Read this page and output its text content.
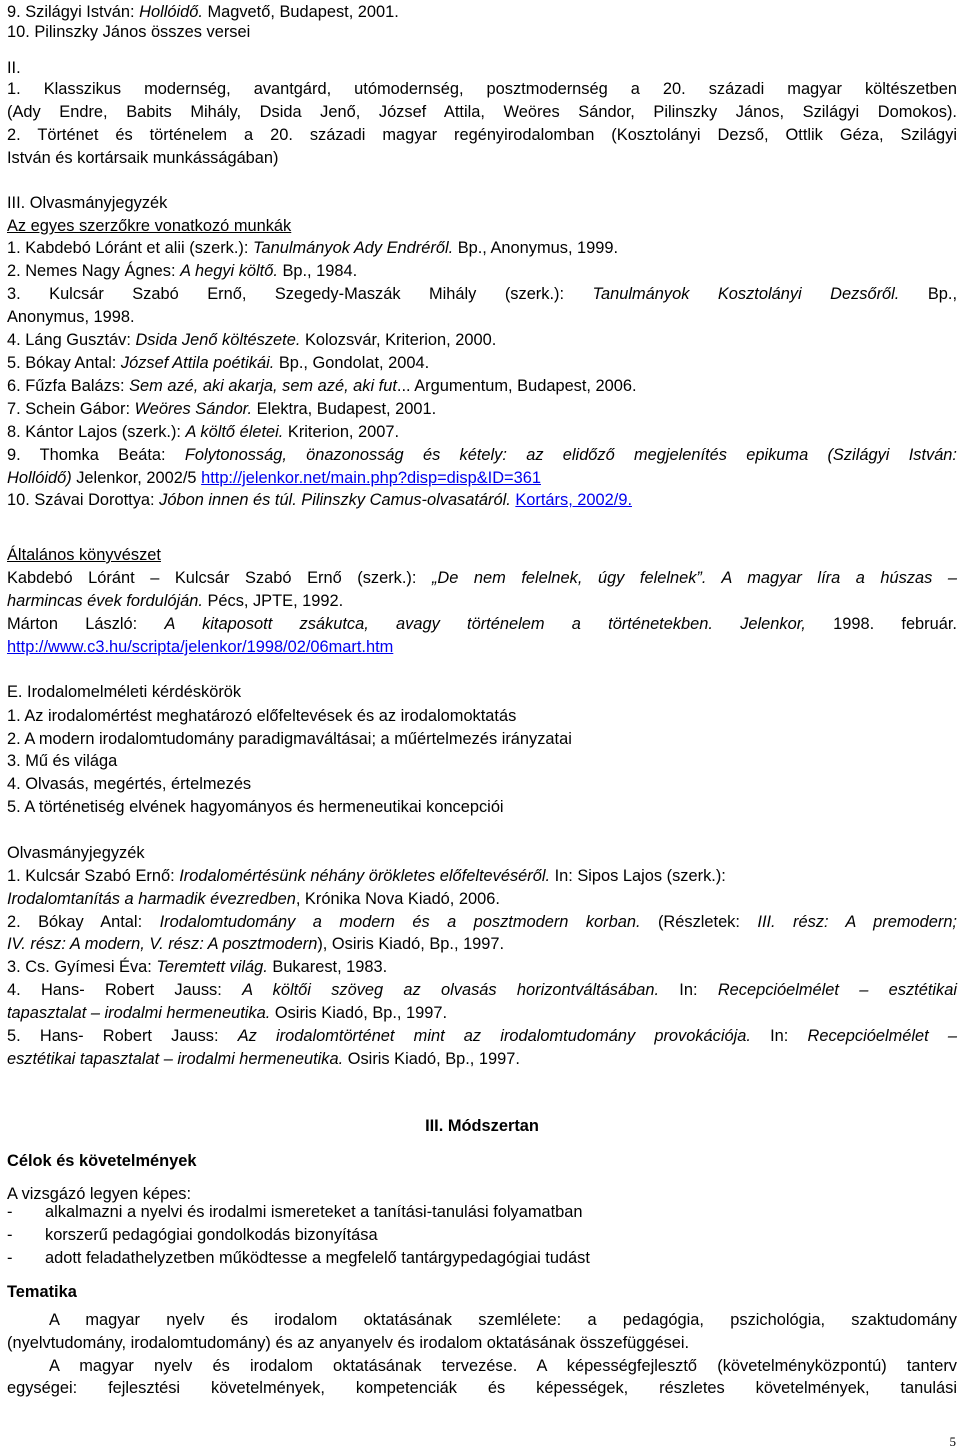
9. Szilágyi István: Hollóidő. Magvető, Budapest, 2001.
10. Pilinszky János összes versei
II.
1. Klasszikus modernség, avantgárd, utómodernség, posztmodernség a 20. századi magyar költészetben
(Ady Endre, Babits Mihály, Dsida Jenő, József Attila, Weöres Sándor, Pilinszky János, Szilágyi Domokos).
2. Történet és történelem a 20. századi magyar regényirodalomban (Kosztolányi Dezső, Ottlik Géza, Szilágyi
István és kortársaik munkásságában)
III. Olvasmányjegyzék
Az egyes szerzőkre vonatkozó munkák
1. Kabdebó Lóránt et alii (szerk.): Tanulmányok Ady Endréről. Bp., Anonymus, 1999.
2. Nemes Nagy Ágnes: A hegyi költő. Bp., 1984.
3. Kulcsár Szabó Ernő, Szegedy-Maszák Mihály (szerk.): Tanulmányok Kosztolányi Dezsőről. Bp.,
Anonymus, 1998.
4. Láng Gusztáv: Dsida Jenő költészete. Kolozsvár, Kriterion, 2000.
5. Bókay Antal: József Attila poétikái. Bp., Gondolat, 2004.
6. Fűzfa Balázs: Sem azé, aki akarja, sem azé, aki fut... Argumentum, Budapest, 2006.
7. Schein Gábor: Weöres Sándor. Elektra, Budapest, 2001.
8. Kántor Lajos (szerk.): A költő életei. Kriterion, 2007.
9. Thomka Beáta: Folytonosság, önazonosság és kétely: az elidőző megjelenítés epikuma (Szilágyi István:
Hollóidő) Jelenkor, 2002/5 http://jelenkor.net/main.php?disp=disp&ID=361
10. Szávai Dorottya: Jóbon innen és túl. Pilinszky Camus-olvasatáról. Kortárs, 2002/9.
Általános könyvészet
Kabdebó Lóránt – Kulcsár Szabó Ernő (szerk.): „De nem felelnek, úgy felelnek”. A magyar líra a húszas –
harmincas évek fordulóján. Pécs, JPTE, 1992.
Márton László: A kitaposott zsákutca, avagy történelem a történetekben. Jelenkor, 1998. február.
http://www.c3.hu/scripta/jelenkor/1998/02/06mart.htm
E. Irodalomelméleti kérdéskörök
1. Az irodalomértést meghatározó előfeltevések és az irodalomoktatás
2. A modern irodalomtudomány paradigmaváltásai; a műértelmezés irányzatai
3. Mű és világa
4. Olvasás, megértés, értelmezés
5. A történetiség elvének hagyományos és hermeneutikai koncepciói
Olvasmányjegyzék
1. Kulcsár Szabó Ernő: Irodalomértésünk néhány örökletes előfeltevéséről. In: Sipos Lajos (szerk.):
Irodalomtanítás a harmadik évezredben, Krónika Nova Kiadó, 2006.
2. Bókay Antal: Irodalomtudomány a modern és a posztmodern korban. (Részletek: III. rész: A premodern;
IV. rész: A modern, V. rész: A posztmodern), Osiris Kiadó, Bp., 1997.
3. Cs. Gyímesi Éva: Teremtett világ. Bukarest, 1983.
4. Hans- Robert Jauss: A költői szöveg az olvasás horizontváltásában. In: Recepcióelmélet – esztétikai
tapasztalat – irodalmi hermeneutika. Osiris Kiadó, Bp., 1997.
5. Hans- Robert Jauss: Az irodalomtörténet mint az irodalomtudomány provokációja. In: Recepcióelmélet –
esztétikai tapasztalat – irodalmi hermeneutika. Osiris Kiadó, Bp., 1997.
III. Módszertan
Célok és követelmények
A vizsgázó legyen képes:
- alkalmazni a nyelvi és irodalmi ismereteket a tanítási-tanulási folyamatban
- korszerű pedagógiai gondolkodás bizonyítása
- adott feladathelyzetben működtesse a megfelelő tantárgypedagógiai tudást
Tematika
A magyar nyelv és irodalom oktatásának szemlélete: a pedagógia, pszichológia, szaktudomány
(nyelvtudomány, irodalomtudomány) és az anyanyelv és irodalom oktatásának összefüggései.
A magyar nyelv és irodalom oktatásának tervezése. A képességfejlesztő (követelményközpontú) tanterv
egységei: fejlesztési követelmények, kompetenciák és képességek, részletes követelmények, tanulási
5
